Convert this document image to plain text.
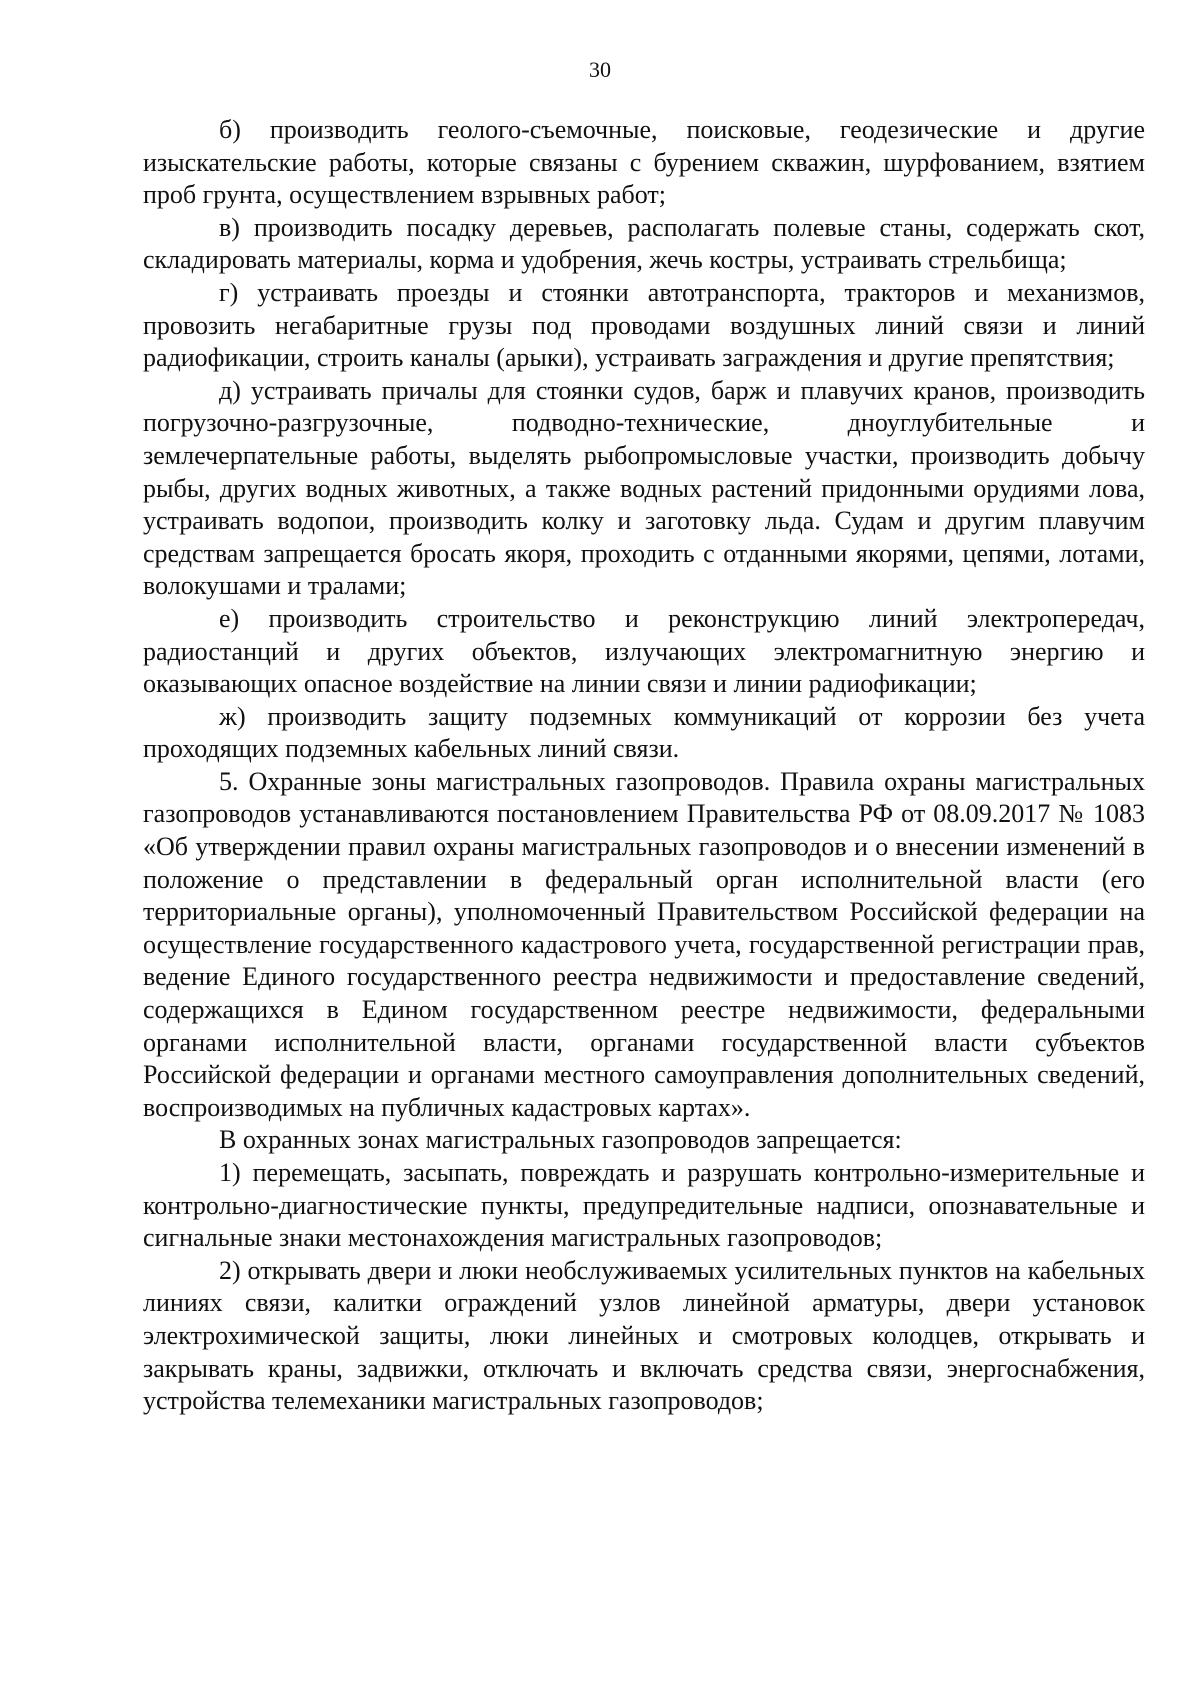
30

б) производить геолого-съемочные, поисковые, геодезические и другие изыскательские работы, которые связаны с бурением скважин, шурфованием, взятием проб грунта, осуществлением взрывных работ;

в) производить посадку деревьев, располагать полевые станы, содержать скот, складировать материалы, корма и удобрения, жечь костры, устраивать стрельбища;

г) устраивать проезды и стоянки автотранспорта, тракторов и механизмов, провозить негабаритные грузы под проводами воздушных линий связи и линий радиофикации, строить каналы (арыки), устраивать заграждения и другие препятствия;

д) устраивать причалы для стоянки судов, барж и плавучих кранов, производить погрузочно-разгрузочные, подводно-технические, дноуглубительные и землечерпательные работы, выделять рыбопромысловые участки, производить добычу рыбы, других водных животных, а также водных растений придонными орудиями лова, устраивать водопои, производить колку и заготовку льда. Судам и другим плавучим средствам запрещается бросать якоря, проходить с отданными якорями, цепями, лотами, волокушами и тралами;

е) производить строительство и реконструкцию линий электропередач, радиостанций и других объектов, излучающих электромагнитную энергию и оказывающих опасное воздействие на линии связи и линии радиофикации;

ж) производить защиту подземных коммуникаций от коррозии без учета проходящих подземных кабельных линий связи.

5. Охранные зоны магистральных газопроводов. Правила охраны магистральных газопроводов устанавливаются постановлением Правительства РФ от 08.09.2017 № 1083 «Об утверждении правил охраны магистральных газопроводов и о внесении изменений в положение о представлении в федеральный орган исполнительной власти (его территориальные органы), уполномоченный Правительством Российской федерации на осуществление государственного кадастрового учета, государственной регистрации прав, ведение Единого государственного реестра недвижимости и предоставление сведений, содержащихся в Едином государственном реестре недвижимости, федеральными органами исполнительной власти, органами государственной власти субъектов Российской федерации и органами местного самоуправления дополнительных сведений, воспроизводимых на публичных кадастровых картах».

В охранных зонах магистральных газопроводов запрещается:

1) перемещать, засыпать, повреждать и разрушать контрольно-измерительные и контрольно-диагностические пункты, предупредительные надписи, опознавательные и сигнальные знаки местонахождения магистральных газопроводов;

2) открывать двери и люки необслуживаемых усилительных пунктов на кабельных линиях связи, калитки ограждений узлов линейной арматуры, двери установок электрохимической защиты, люки линейных и смотровых колодцев, открывать и закрывать краны, задвижки, отключать и включать средства связи, энергоснабжения, устройства телемеханики магистральных газопроводов;
